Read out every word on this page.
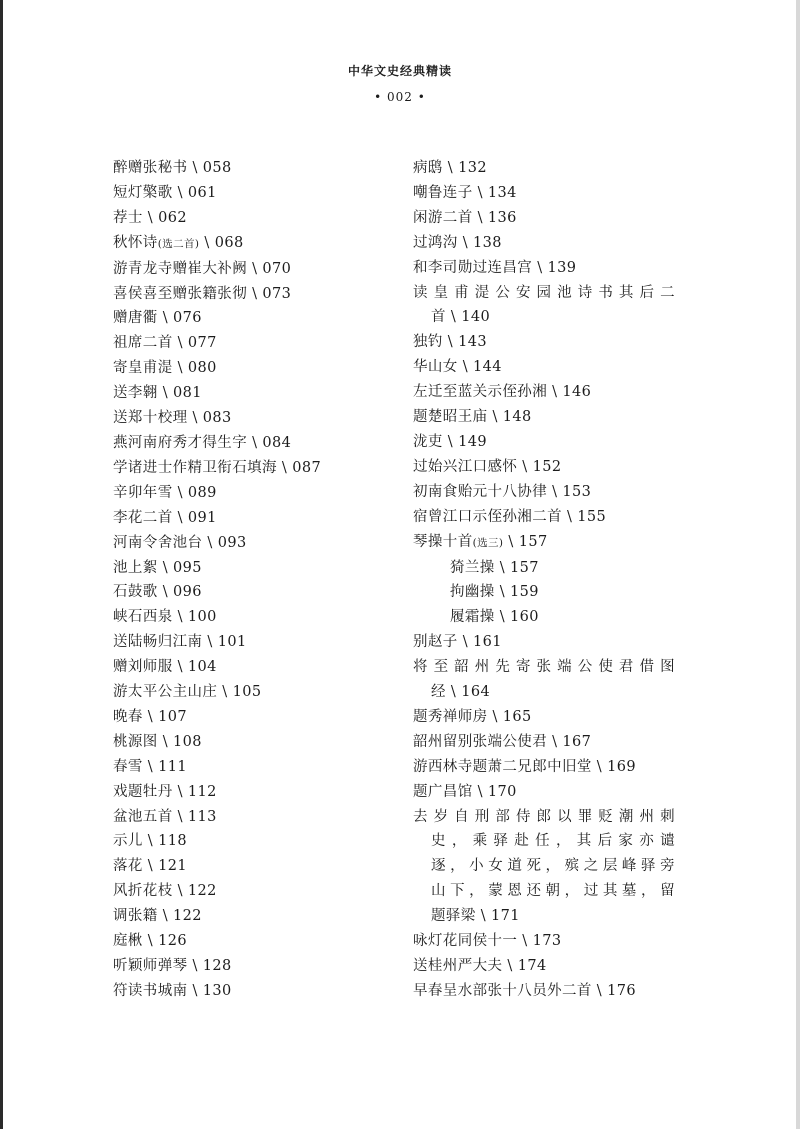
中华文史经典精读
• 002 •
醉赠张秘书 \ 058
短灯檠歌 \ 061
荐士 \ 062
秋怀诗(选二首) \ 068
游青龙寺赠崔大补阙 \ 070
喜侯喜至赠张籍张彻 \ 073
赠唐衢 \ 076
祖席二首 \ 077
寄皇甫湜 \ 080
送李翱 \ 081
送郑十校理 \ 083
燕河南府秀才得生字 \ 084
学诸进士作精卫衔石填海 \ 087
辛卯年雪 \ 089
李花二首 \ 091
河南令舍池台 \ 093
池上絮 \ 095
石鼓歌 \ 096
峡石西泉 \ 100
送陆畅归江南 \ 101
赠刘师服 \ 104
游太平公主山庄 \ 105
晚春 \ 107
桃源图 \ 108
春雪 \ 111
戏题牡丹 \ 112
盆池五首 \ 113
示儿 \ 118
落花 \ 121
风折花枝 \ 122
调张籍 \ 122
庭楸 \ 126
听颖师弹琴 \ 128
符读书城南 \ 130
病鸱 \ 132
嘲鲁连子 \ 134
闲游二首 \ 136
过鸿沟 \ 138
和李司勋过连昌宫 \ 139
读皇甫湜公安园池诗书其后二
首 \ 140
独钓 \ 143
华山女 \ 144
左迁至蓝关示侄孙湘 \ 146
题楚昭王庙 \ 148
泷吏 \ 149
过始兴江口感怀 \ 152
初南食贻元十八协律 \ 153
宿曾江口示侄孙湘二首 \ 155
琴操十首(选三) \ 157
猗兰操 \ 157
拘幽操 \ 159
履霜操 \ 160
别赵子 \ 161
将至韶州先寄张端公使君借图
经 \ 164
题秀禅师房 \ 165
韶州留别张端公使君 \ 167
游西林寺题萧二兄郎中旧堂 \ 169
题广昌馆 \ 170
去岁自刑部侍郎以罪贬潮州刺
史，乘驿赴任，其后家亦谴
逐，小女道死，殡之层峰驿旁
山下，蒙恩还朝，过其墓，留
题驿梁 \ 171
咏灯花同侯十一 \ 173
送桂州严大夫 \ 174
早春呈水部张十八员外二首 \ 176
